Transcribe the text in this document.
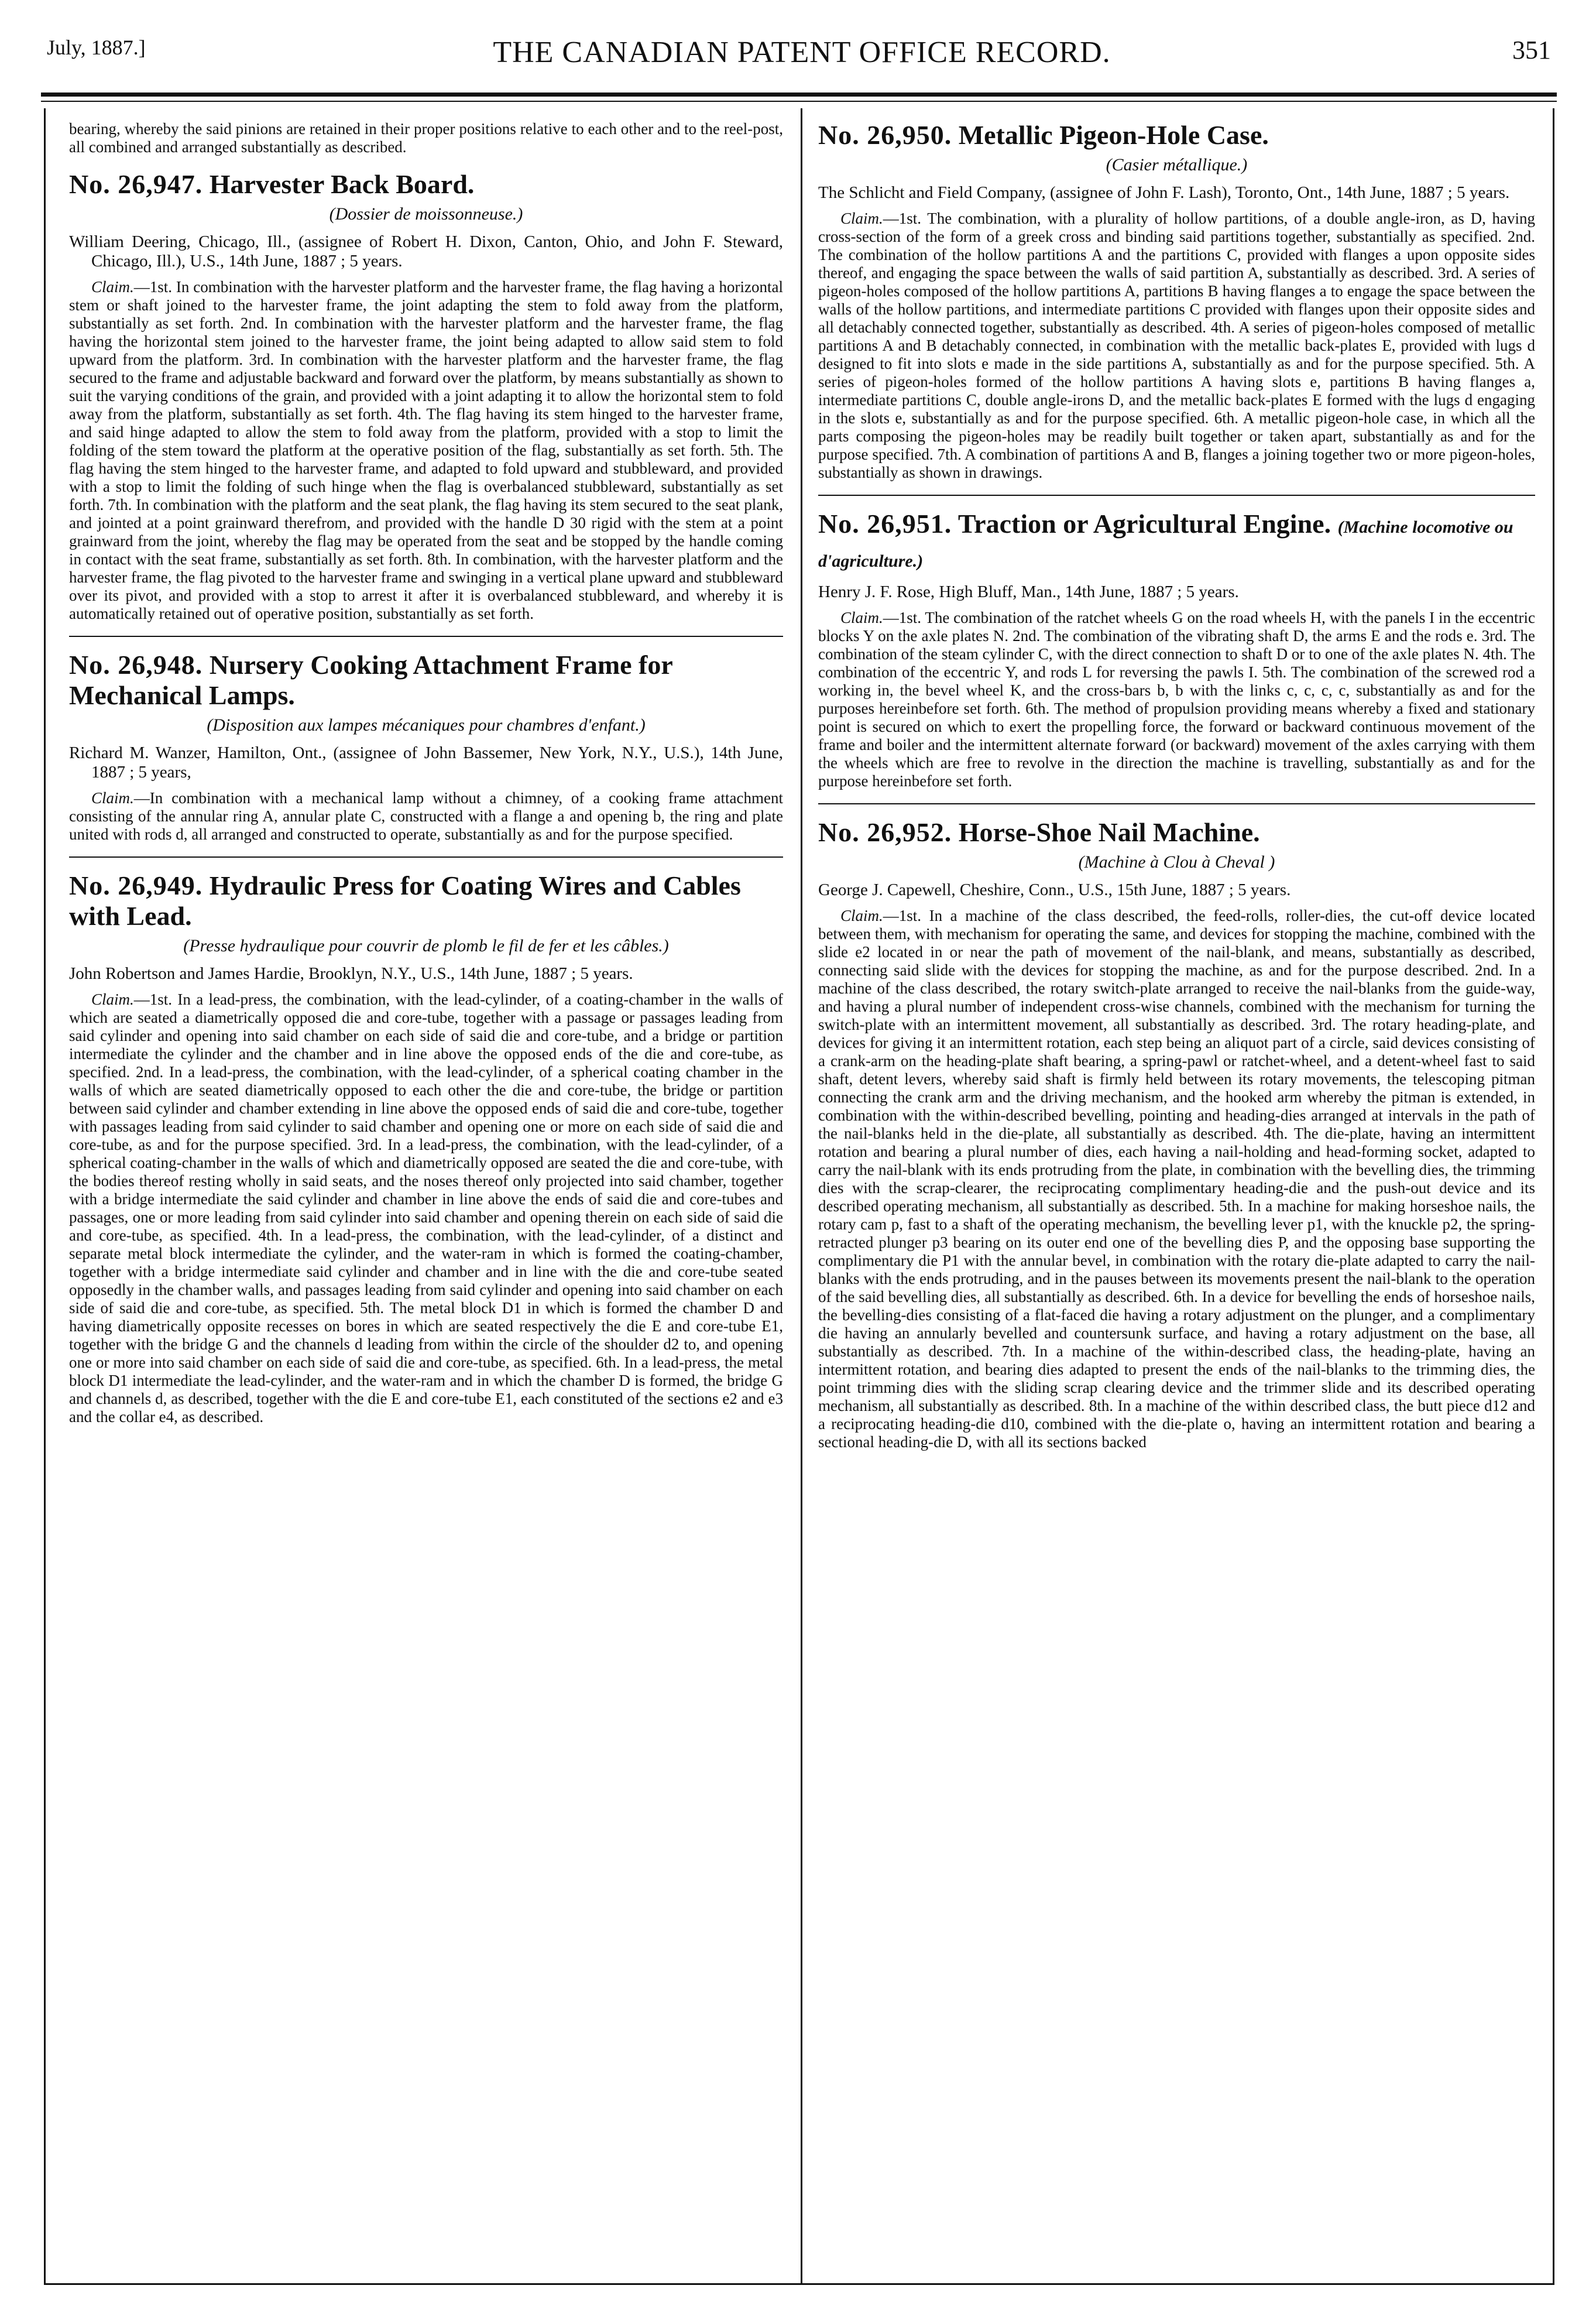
July, 1887.]	THE CANADIAN PATENT OFFICE RECORD.	351

bearing, whereby the said pinions are retained in their proper positions relative to each other and to the reel-post, all combined and arranged substantially as described.

No. 26,947. Harvester Back Board.
(Dossier de moissonneuse.)
William Deering, Chicago, Ill., (assignee of Robert H. Dixon, Canton, Ohio, and John F. Steward, Chicago, Ill.), U.S., 14th June, 1887 ; 5 years.

Claim.—1st. In combination with the harvester platform and the harvester frame, the flag having a horizontal stem or shaft joined to the harvester frame, the joint adapting the stem to fold away from the platform, substantially as set forth. 2nd. In combination with the harvester platform and the harvester frame, the flag having the horizontal stem joined to the harvester frame, the joint being adapted to allow said stem to fold upward from the platform. 3rd. In combination with the harvester platform and the harvester frame, the flag secured to the frame and adjustable backward and forward over the platform, by means substantially as shown to suit the varying conditions of the grain, and provided with a joint adapting it to allow the horizontal stem to fold away from the platform, substantially as set forth. 4th. The flag having its stem hinged to the harvester frame, and said hinge adapted to allow the stem to fold away from the platform, provided with a stop to limit the folding of the stem toward the platform at the operative position of the flag, substantially as set forth. 5th. The flag having the stem hinged to the harvester frame, and adapted to fold upward and stubbleward, and provided with a stop to limit the folding of such hinge when the flag is overbalanced stubbleward, substantially as set forth. 7th. In combination with the platform and the seat plank, the flag having its stem secured to the seat plank, and jointed at a point grainward therefrom, and provided with the handle D 30 rigid with the stem at a point grainward from the joint, whereby the flag may be operated from the seat and be stopped by the handle coming in contact with the seat frame, substantially as set forth. 8th. In combination, with the harvester platform and the harvester frame, the flag pivoted to the harvester frame and swinging in a vertical plane upward and stubbleward over its pivot, and provided with a stop to arrest it after it is overbalanced stubbleward, and whereby it is automatically retained out of operative position, substantially as set forth.

No. 26,948. Nursery Cooking Attachment Frame for Mechanical Lamps.
(Disposition aux lampes mécaniques pour chambres d'enfant.)
Richard M. Wanzer, Hamilton, Ont., (assignee of John Bassemer, New York, N.Y., U.S.), 14th June, 1887 ; 5 years,

Claim.—In combination with a mechanical lamp without a chimney, of a cooking frame attachment consisting of the annular ring A, annular plate C, constructed with a flange a and opening b, the ring and plate united with rods d, all arranged and constructed to operate, substantially as and for the purpose specified.

No. 26,949. Hydraulic Press for Coating Wires and Cables with Lead.
(Presse hydraulique pour couvrir de plomb le fil de fer et les câbles.)
John Robertson and James Hardie, Brooklyn, N.Y., U.S., 14th June, 1887 ; 5 years.

Claim.—1st. In a lead-press, the combination, with the lead-cylinder, of a coating-chamber in the walls of which are seated a diametrically opposed die and core-tube, together with a passage or passages leading from said cylinder and opening into said chamber on each side of said die and core-tube, and a bridge or partition intermediate the cylinder and the chamber and in line above the opposed ends of the die and core-tube, as specified. 2nd. In a lead-press, the combination, with the lead-cylinder, of a spherical coating chamber in the walls of which are seated diametrically opposed to each other the die and core-tube, the bridge or partition between said cylinder and chamber extending in line above the opposed ends of said die and core-tube, together with passages leading from said cylinder to said chamber and opening one or more on each side of said die and core-tube, as and for the purpose specified. 3rd. In a lead-press, the combination, with the lead-cylinder, of a spherical coating-chamber in the walls of which and diametrically opposed are seated the die and core-tube, with the bodies thereof resting wholly in said seats, and the noses thereof only projected into said chamber, together with a bridge intermediate the said cylinder and chamber in line above the ends of said die and core-tubes and passages, one or more leading from said cylinder into said chamber and opening therein on each side of said die and core-tube, as specified. 4th. In a lead-press, the combination, with the lead-cylinder, of a distinct and separate metal block intermediate the cylinder, and the water-ram in which is formed the coating-chamber, together with a bridge intermediate said cylinder and chamber and in line with the die and core-tube seated opposedly in the chamber walls, and passages leading from said cylinder and opening into said chamber on each side of said die and core-tube, as specified. 5th. The metal block D1 in which is formed the chamber D and having diametrically opposite recesses on bores in which are seated respectively the die E and core-tube E1, together with the bridge G and the channels d leading from within the circle of the shoulder d2 to, and opening one or more into said chamber on each side of said die and core-tube, as specified. 6th. In a lead-press, the metal block D1 intermediate the lead-cylinder, and the water-ram and in which the chamber D is formed, the bridge G and channels d, as described, together with the die E and core-tube E1, each constituted of the sections e2 and e3 and the collar e4, as described.

No. 26,950. Metallic Pigeon-Hole Case.
(Casier métallique.)
The Schlicht and Field Company, (assignee of John F. Lash), Toronto, Ont., 14th June, 1887 ; 5 years.

Claim.—1st. The combination, with a plurality of hollow partitions, of a double angle-iron, as D, having cross-section of the form of a greek cross and binding said partitions together, substantially as specified. 2nd. The combination of the hollow partitions A and the partitions C, provided with flanges a upon opposite sides thereof, and engaging the space between the walls of said partition A, substantially as described. 3rd. A series of pigeon-holes composed of the hollow partitions A, partitions B having flanges a to engage the space between the walls of the hollow partitions, and intermediate partitions C provided with flanges upon their opposite sides and all detachably connected together, substantially as described. 4th. A series of pigeon-holes composed of metallic partitions A and B detachably connected, in combination with the metallic back-plates E, provided with lugs d designed to fit into slots e made in the side partitions A, substantially as and for the purpose specified. 5th. A series of pigeon-holes formed of the hollow partitions A having slots e, partitions B having flanges a, intermediate partitions C, double angle-irons D, and the metallic back-plates E formed with the lugs d engaging in the slots e, substantially as and for the purpose specified. 6th. A metallic pigeon-hole case, in which all the parts composing the pigeon-holes may be readily built together or taken apart, substantially as and for the purpose specified. 7th. A combination of partitions A and B, flanges a joining together two or more pigeon-holes, substantially as shown in drawings.

No. 26,951. Traction or Agricultural Engine. (Machine locomotive ou d'agriculture.)
Henry J. F. Rose, High Bluff, Man., 14th June, 1887 ; 5 years.

Claim.—1st. The combination of the ratchet wheels G on the road wheels H, with the panels I in the eccentric blocks Y on the axle plates N. 2nd. The combination of the vibrating shaft D, the arms E and the rods e. 3rd. The combination of the steam cylinder C, with the direct connection to shaft D or to one of the axle plates N. 4th. The combination of the eccentric Y, and rods L for reversing the pawls I. 5th. The combination of the screwed rod a working in, the bevel wheel K, and the cross-bars b, b with the links c, c, c, c, substantially as and for the purposes hereinbefore set forth. 6th. The method of propulsion providing means whereby a fixed and stationary point is secured on which to exert the propelling force, the forward or backward continuous movement of the frame and boiler and the intermittent alternate forward (or backward) movement of the axles carrying with them the wheels which are free to revolve in the direction the machine is travelling, substantially as and for the purpose hereinbefore set forth.

No. 26,952. Horse-Shoe Nail Machine.
(Machine à Clou à Cheval )
George J. Capewell, Cheshire, Conn., U.S., 15th June, 1887 ; 5 years.

Claim.—1st. In a machine of the class described, the feed-rolls, roller-dies, the cut-off device located between them, with mechanism for operating the same, and devices for stopping the machine, combined with the slide e2 located in or near the path of movement of the nail-blank, and means, substantially as described, connecting said slide with the devices for stopping the machine, as and for the purpose described. 2nd. In a machine of the class described, the rotary switch-plate arranged to receive the nail-blanks from the guide-way, and having a plural number of independent cross-wise channels, combined with the mechanism for turning the switch-plate with an intermittent movement, all substantially as described. 3rd. The rotary heading-plate, and devices for giving it an intermittent rotation, each step being an aliquot part of a circle, said devices consisting of a crank-arm on the heading-plate shaft bearing, a spring-pawl or ratchet-wheel, and a detent-wheel fast to said shaft, detent levers, whereby said shaft is firmly held between its rotary movements, the telescoping pitman connecting the crank arm and the driving mechanism, and the hooked arm whereby the pitman is extended, in combination with the within-described bevelling, pointing and heading-dies arranged at intervals in the path of the nail-blanks held in the die-plate, all substantially as described. 4th. The die-plate, having an intermittent rotation and bearing a plural number of dies, each having a nail-holding and head-forming socket, adapted to carry the nail-blank with its ends protruding from the plate, in combination with the bevelling dies, the trimming dies with the scrap-clearer, the reciprocating complimentary heading-die and the push-out device and its described operating mechanism, all substantially as described. 5th. In a machine for making horseshoe nails, the rotary cam p, fast to a shaft of the operating mechanism, the bevelling lever p1, with the knuckle p2, the spring-retracted plunger p3 bearing on its outer end one of the bevelling dies P, and the opposing base supporting the complimentary die P1 with the annular bevel, in combination with the rotary die-plate adapted to carry the nail-blanks with the ends protruding, and in the pauses between its movements present the nail-blank to the operation of the said bevelling dies, all substantially as described. 6th. In a device for bevelling the ends of horseshoe nails, the bevelling-dies consisting of a flat-faced die having a rotary adjustment on the plunger, and a complimentary die having an annularly bevelled and countersunk surface, and having a rotary adjustment on the base, all substantially as described. 7th. In a machine of the within-described class, the heading-plate, having an intermittent rotation, and bearing dies adapted to present the ends of the nail-blanks to the trimming dies, the point trimming dies with the sliding scrap clearing device and the trimmer slide and its described operating mechanism, all substantially as described. 8th. In a machine of the within described class, the butt piece d12 and a reciprocating heading-die d10, combined with the die-plate o, having an intermittent rotation and bearing a sectional heading-die D, with all its sections backed
